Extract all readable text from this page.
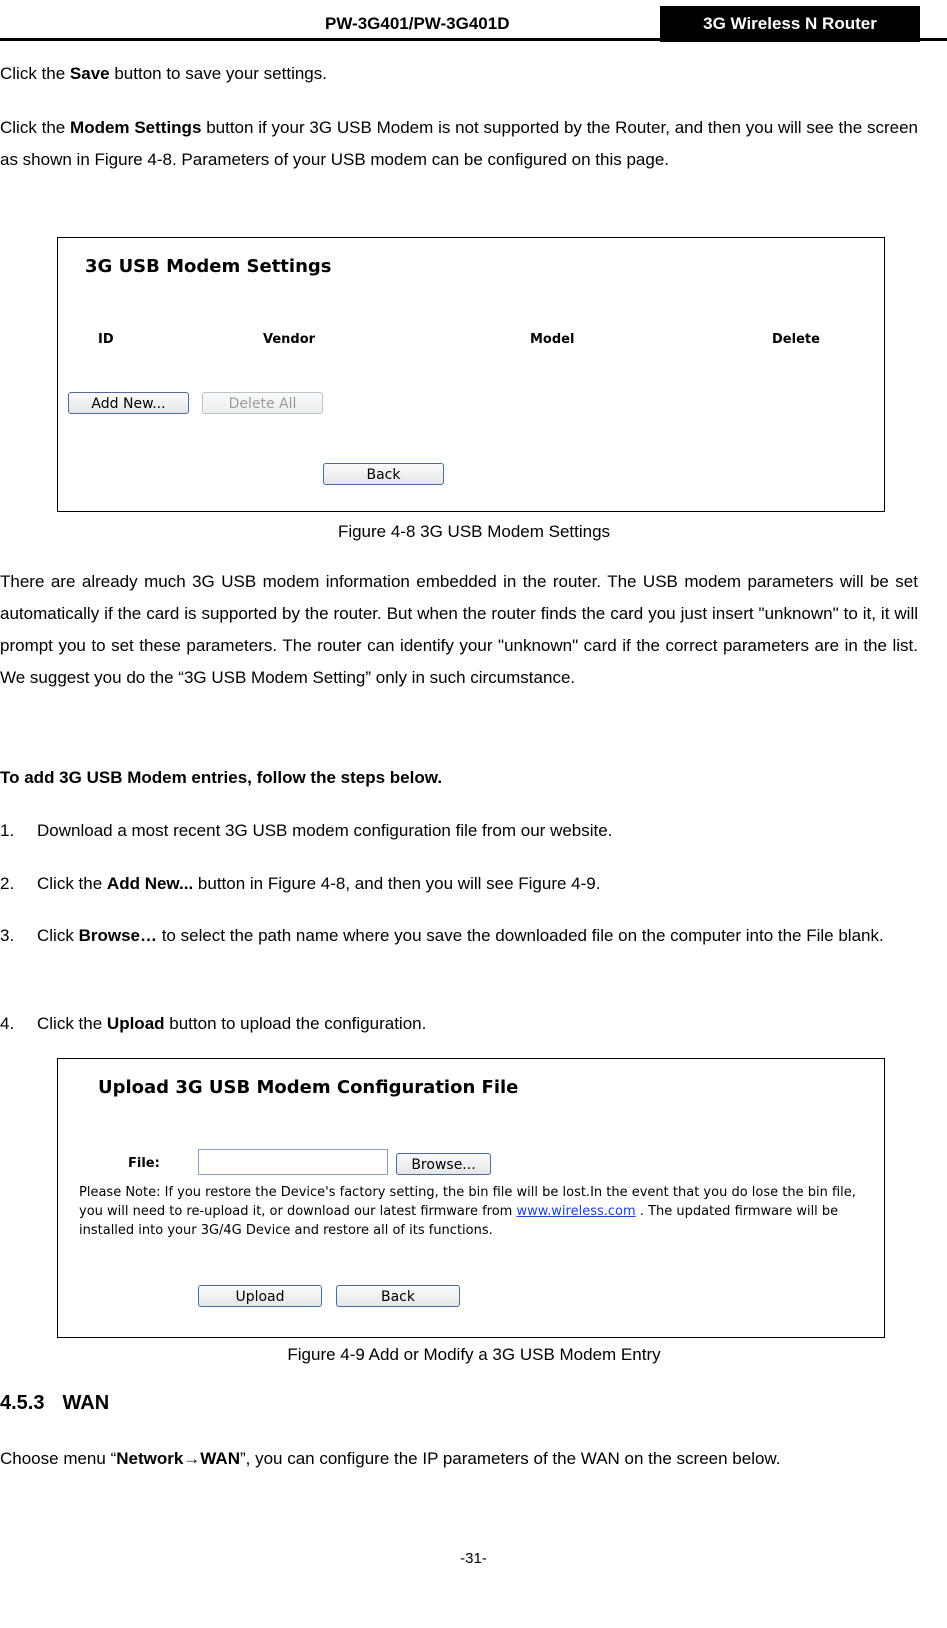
PW-3G401/PW-3G401D	3G Wireless N Router
Click the Save button to save your settings.
Click the Modem Settings button if your 3G USB Modem is not supported by the Router, and then you will see the screen as shown in Figure 4-8. Parameters of your USB modem can be configured on this page.
3G USB Modem Settings
ID	Vendor	Model	Delete
Add New...	Delete All
Back
Figure 4-8 3G USB Modem Settings
There are already much 3G USB modem information embedded in the router. The USB modem parameters will be set automatically if the card is supported by the router. But when the router finds the card you just insert "unknown" to it, it will prompt you to set these parameters. The router can identify your "unknown" card if the correct parameters are in the list. We suggest you do the “3G USB Modem Setting” only in such circumstance.
To add 3G USB Modem entries, follow the steps below.
1.	Download a most recent 3G USB modem configuration file from our website.
2.	Click the Add New... button in Figure 4-8, and then you will see Figure 4-9.
3.	Click Browse… to select the path name where you save the downloaded file on the computer into the File blank.
4.	Click the Upload button to upload the configuration.
Upload 3G USB Modem Configuration File
File:	Browse...
Please Note: If you restore the Device's factory setting, the bin file will be lost.In the event that you do lose the bin file, you will need to re-upload it, or download our latest firmware from www.wireless.com . The updated firmware will be installed into your 3G/4G Device and restore all of its functions.
Upload	Back
Figure 4-9 Add or Modify a 3G USB Modem Entry
4.5.3 WAN
Choose menu “Network→WAN”, you can configure the IP parameters of the WAN on the screen below.
-31-
